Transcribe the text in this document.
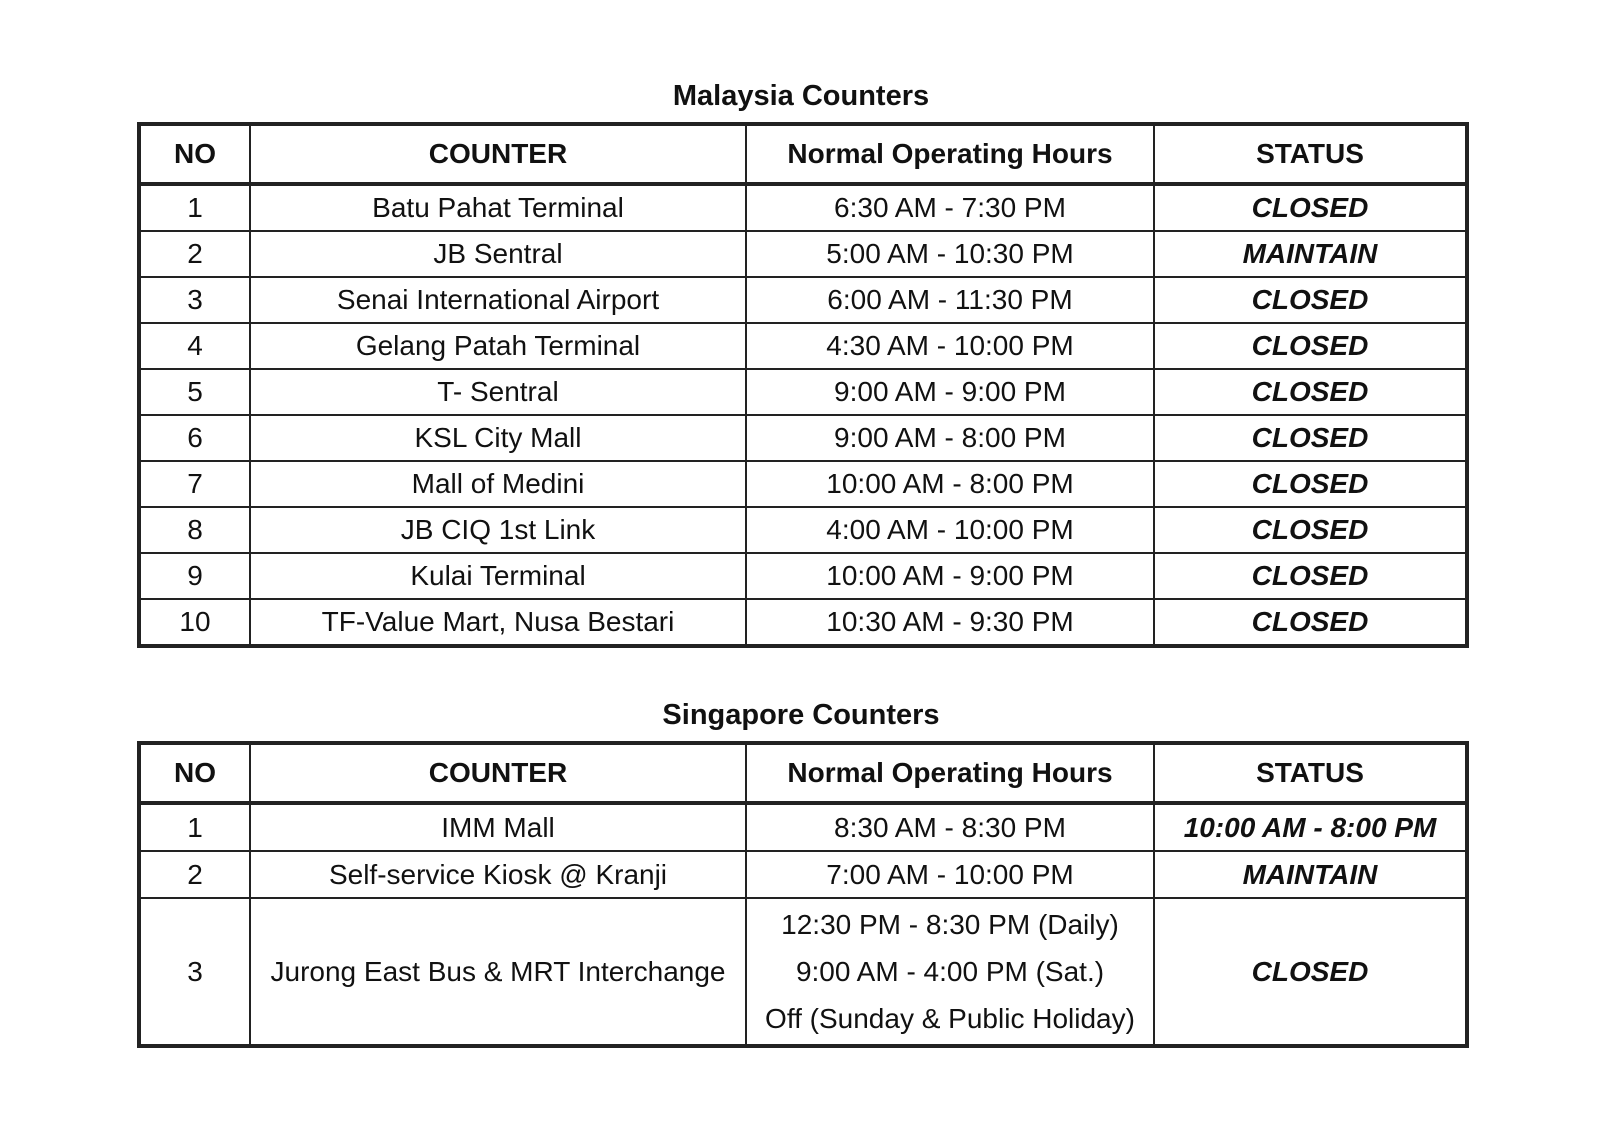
Malaysia Counters
NO	COUNTER	Normal Operating Hours	STATUS
1	Batu Pahat Terminal	6:30 AM - 7:30 PM	CLOSED
2	JB Sentral	5:00 AM - 10:30 PM	MAINTAIN
3	Senai International Airport	6:00 AM - 11:30 PM	CLOSED
4	Gelang Patah Terminal	4:30 AM - 10:00 PM	CLOSED
5	T- Sentral	9:00 AM - 9:00 PM	CLOSED
6	KSL City Mall	9:00 AM - 8:00 PM	CLOSED
7	Mall of Medini	10:00 AM - 8:00 PM	CLOSED
8	JB CIQ 1st Link	4:00 AM - 10:00 PM	CLOSED
9	Kulai Terminal	10:00 AM - 9:00 PM	CLOSED
10	TF-Value Mart, Nusa Bestari	10:30 AM - 9:30 PM	CLOSED
Singapore Counters
NO	COUNTER	Normal Operating Hours	STATUS
1	IMM Mall	8:30 AM - 8:30 PM	10:00 AM - 8:00 PM
2	Self-service Kiosk @ Kranji	7:00 AM - 10:00 PM	MAINTAIN
3	Jurong East Bus & MRT Interchange	12:30 PM - 8:30 PM (Daily)
9:00 AM - 4:00 PM (Sat.)
Off (Sunday & Public Holiday)	CLOSED
